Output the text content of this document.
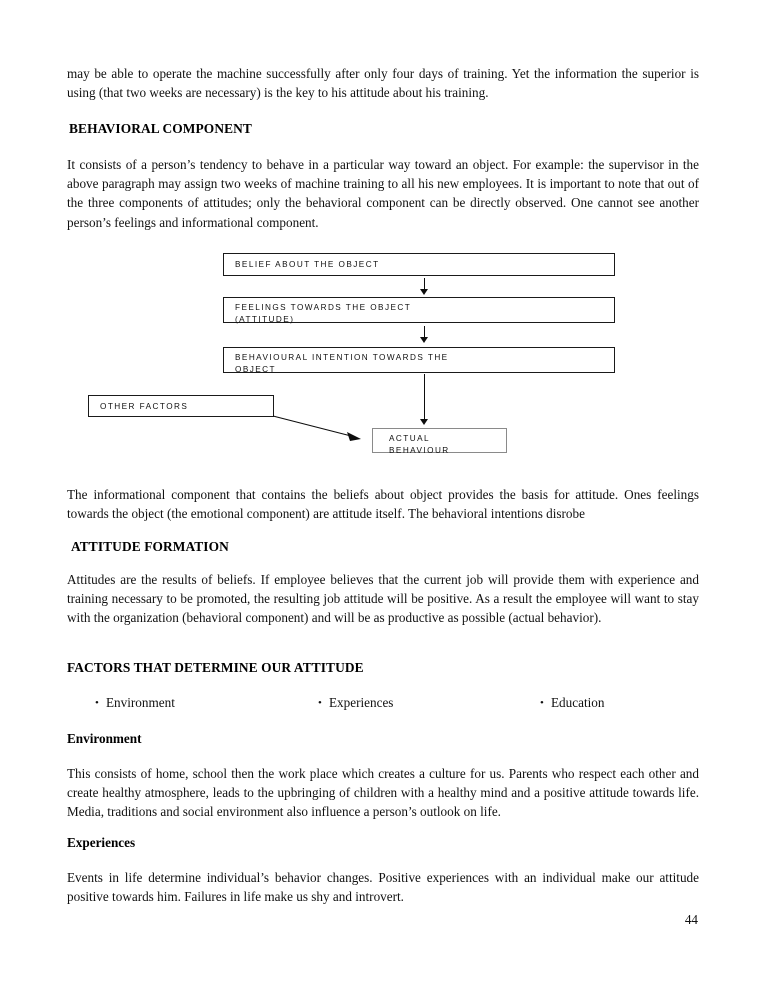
may be able to operate the machine successfully after only four days of training. Yet the information the superior is using (that two weeks are necessary) is the key to his attitude about his training.
BEHAVIORAL COMPONENT
It consists of a person’s tendency to behave in a particular way toward an object. For example: the supervisor in the above paragraph may assign two weeks of machine training to all his new employees. It is important to note that out of the three components of attitudes; only the behavioral component can be directly observed. One cannot see another person’s feelings and informational component.
BELIEF ABOUT THE OBJECT
FEELINGS TOWARDS THE OBJECT
(ATTITUDE)
BEHAVIOURAL INTENTION TOWARDS THE
OBJECT
OTHER FACTORS
ACTUAL
BEHAVIOUR
The informational component that contains the beliefs about object provides the basis for attitude. Ones feelings towards the object (the emotional component) are attitude itself. The behavioral intentions disrobe
ATTITUDE FORMATION
Attitudes are the results of beliefs. If employee believes that the current job will provide them with experience and training necessary to be promoted, the resulting job attitude will be positive. As a result the employee will want to stay with the organization (behavioral component) and will be as productive as possible (actual behavior).
FACTORS THAT DETERMINE OUR ATTITUDE
• Environment	• Experiences	• Education
Environment
This consists of home, school then the work place which creates a culture for us. Parents who respect each other and create healthy atmosphere, leads to the upbringing of children with a healthy mind and a positive attitude towards life. Media, traditions and social environment also influence a person’s outlook on life.
Experiences
Events in life determine individual’s behavior changes. Positive experiences with an individual make our attitude positive towards him. Failures in life make us shy and introvert.
44
